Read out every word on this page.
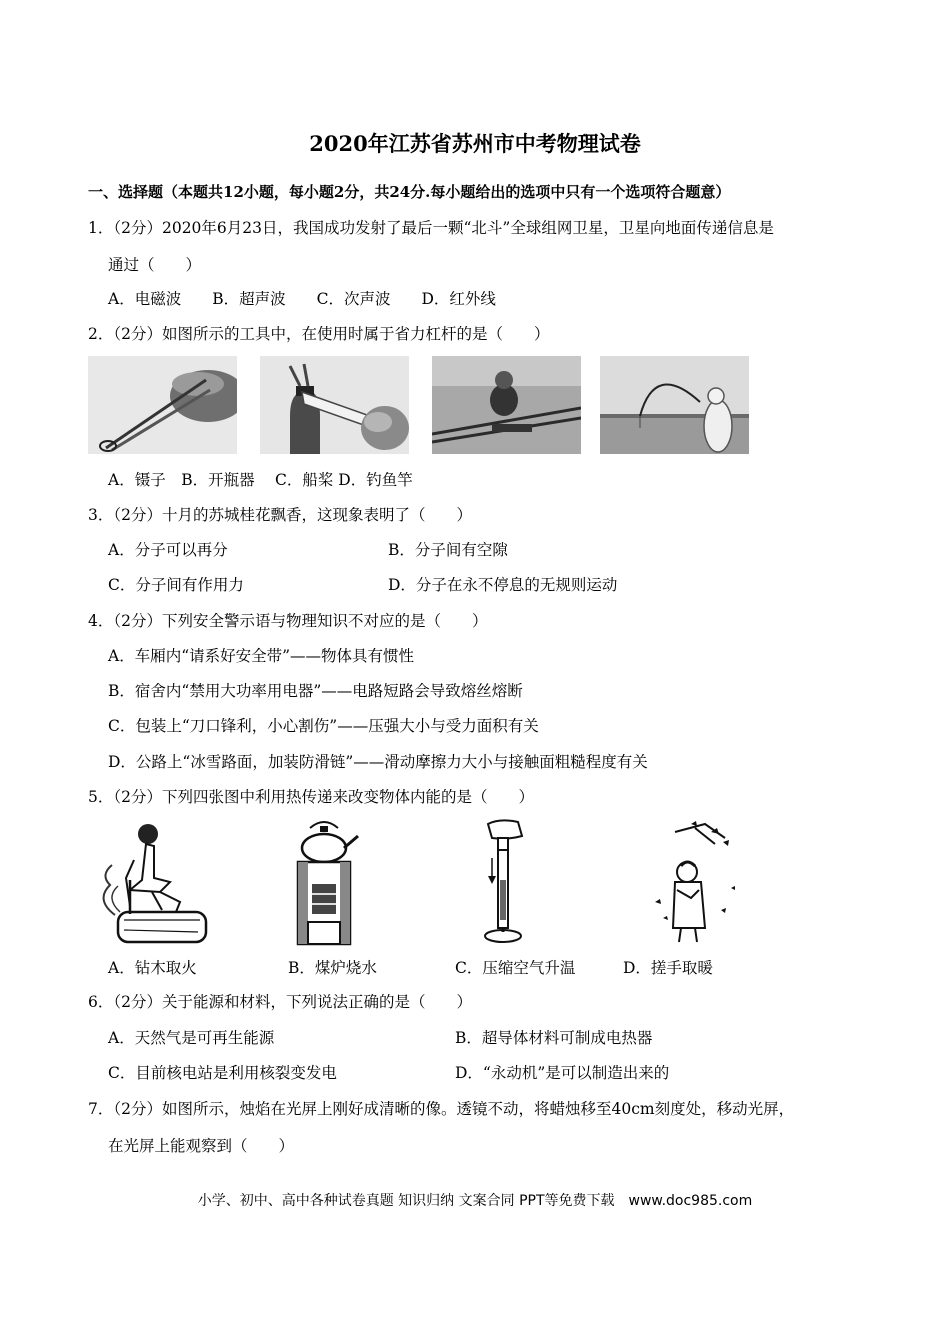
2020年江苏省苏州市中考物理试卷
一、选择题（本题共12小题，每小题2分，共24分.每小题给出的选项中只有一个选项符合题意）
1．（2分）2020年6月23日，我国成功发射了最后一颗“北斗”全球组网卫星，卫星向地面传递信息是
通过（　　）
A．电磁波　　B．超声波　　C．次声波　　D．红外线
2．（2分）如图所示的工具中，在使用时属于省力杠杆的是（　　）
A．镊子　B．开瓶器　 C．船桨 D．钓鱼竿
3．（2分）十月的苏城桂花飘香，这现象表明了（　　）
A．分子可以再分	B．分子间有空隙
C．分子间有作用力	D．分子在永不停息的无规则运动
4．（2分）下列安全警示语与物理知识不对应的是（　　）
A．车厢内“请系好安全带”——物体具有惯性
B．宿舍内“禁用大功率用电器”——电路短路会导致熔丝熔断
C．包装上“刀口锋利，小心割伤”——压强大小与受力面积有关
D．公路上“冰雪路面，加装防滑链”——滑动摩擦力大小与接触面粗糙程度有关
5．（2分）下列四张图中利用热传递来改变物体内能的是（　　）
A．钻木取火	B．煤炉烧水	C．压缩空气升温	D．搓手取暖
6．（2分）关于能源和材料，下列说法正确的是（　　）
A．天然气是可再生能源	B．超导体材料可制成电热器
C．目前核电站是利用核裂变发电	D．“永动机”是可以制造出来的
7．（2分）如图所示，烛焰在光屏上刚好成清晰的像。透镜不动，将蜡烛移至40cm刻度处，移动光屏，
在光屏上能观察到（　　）
小学、初中、高中各种试卷真题 知识归纳 文案合同 PPT等免费下载　www.doc985.com
